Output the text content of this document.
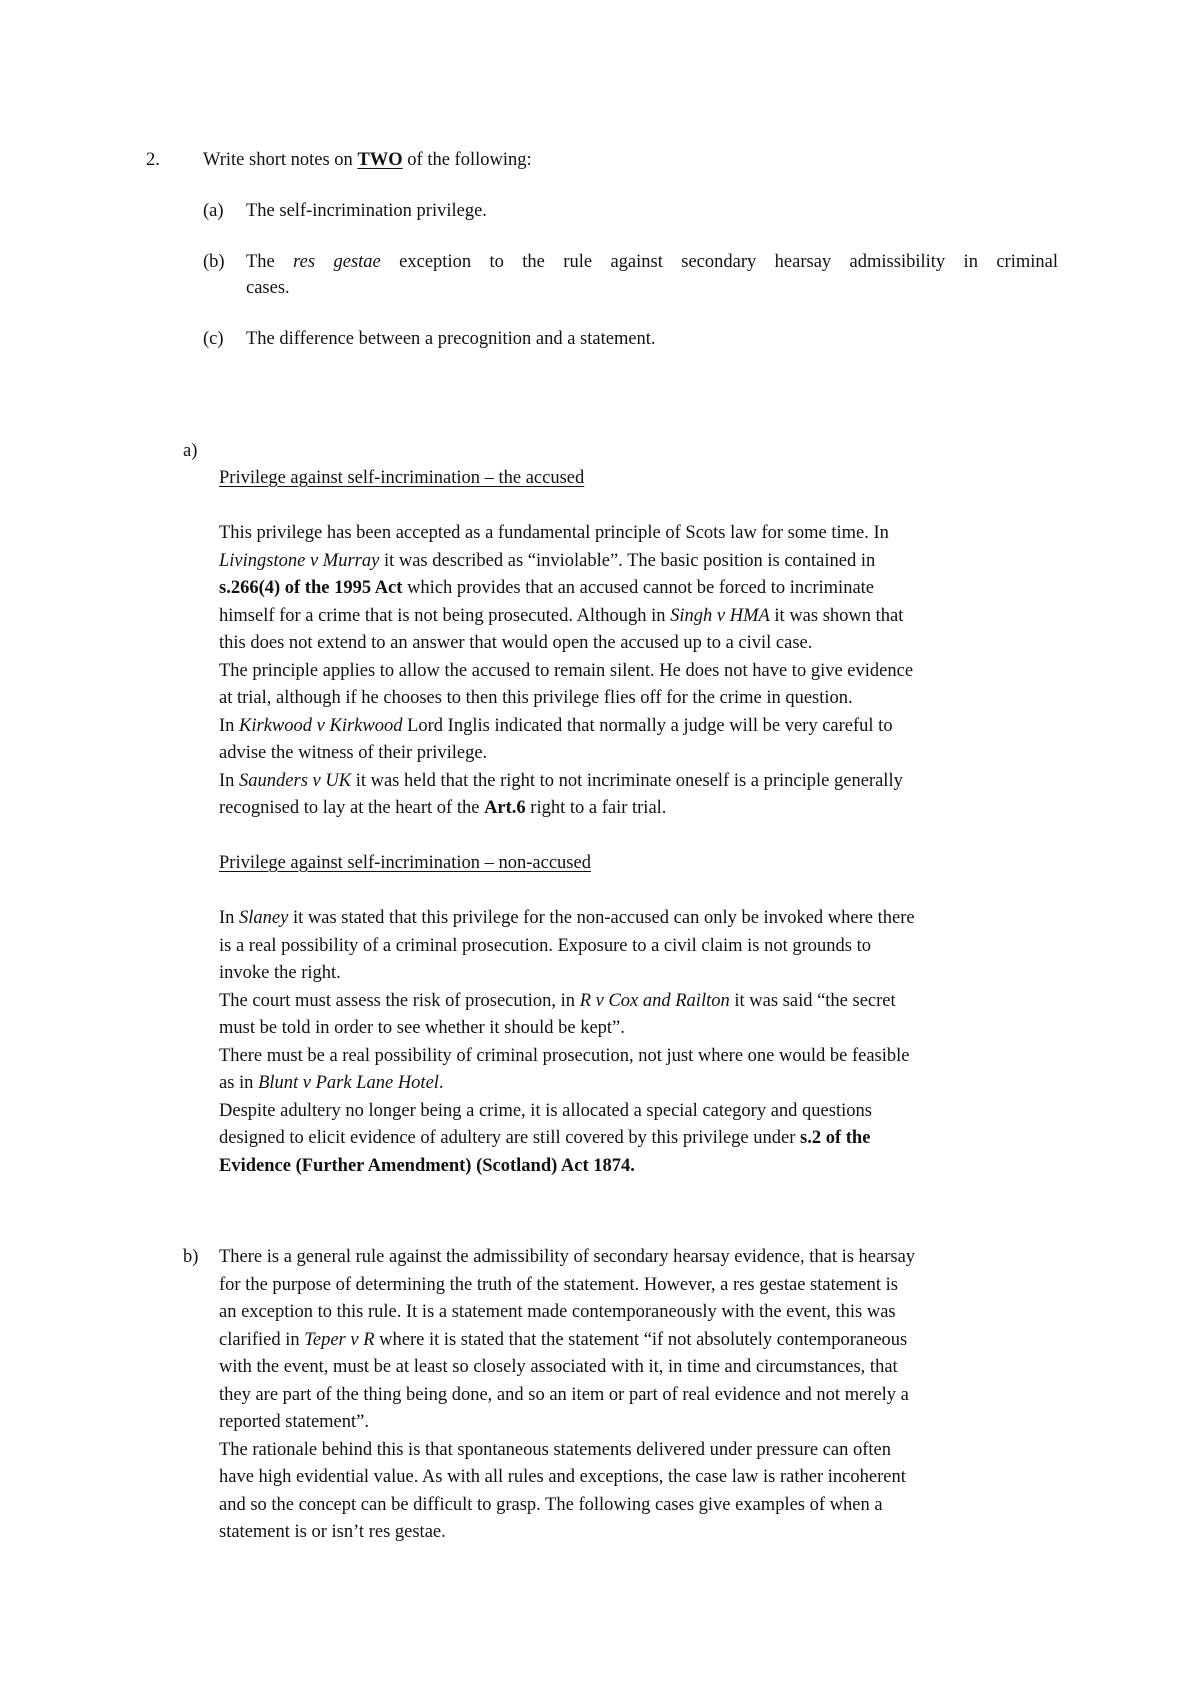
2. Write short notes on TWO of the following:
(a) The self-incrimination privilege.
(b) The res gestae exception to the rule against secondary hearsay admissibility in criminal
cases.
(c) The difference between a precognition and a statement.
a)
Privilege against self-incrimination – the accused
This privilege has been accepted as a fundamental principle of Scots law for some time. In
Livingstone v Murray it was described as “inviolable”. The basic position is contained in
s.266(4) of the 1995 Act which provides that an accused cannot be forced to incriminate
himself for a crime that is not being prosecuted. Although in Singh v HMA it was shown that
this does not extend to an answer that would open the accused up to a civil case.
The principle applies to allow the accused to remain silent. He does not have to give evidence
at trial, although if he chooses to then this privilege flies off for the crime in question.
In Kirkwood v Kirkwood Lord Inglis indicated that normally a judge will be very careful to
advise the witness of their privilege.
In Saunders v UK it was held that the right to not incriminate oneself is a principle generally
recognised to lay at the heart of the Art.6 right to a fair trial.
Privilege against self-incrimination – non-accused
In Slaney it was stated that this privilege for the non-accused can only be invoked where there
is a real possibility of a criminal prosecution. Exposure to a civil claim is not grounds to
invoke the right.
The court must assess the risk of prosecution, in R v Cox and Railton it was said “the secret
must be told in order to see whether it should be kept”.
There must be a real possibility of criminal prosecution, not just where one would be feasible
as in Blunt v Park Lane Hotel.
Despite adultery no longer being a crime, it is allocated a special category and questions
designed to elicit evidence of adultery are still covered by this privilege under s.2 of the
Evidence (Further Amendment) (Scotland) Act 1874.
b) There is a general rule against the admissibility of secondary hearsay evidence, that is hearsay
for the purpose of determining the truth of the statement. However, a res gestae statement is
an exception to this rule. It is a statement made contemporaneously with the event, this was
clarified in Teper v R where it is stated that the statement “if not absolutely contemporaneous
with the event, must be at least so closely associated with it, in time and circumstances, that
they are part of the thing being done, and so an item or part of real evidence and not merely a
reported statement”.
The rationale behind this is that spontaneous statements delivered under pressure can often
have high evidential value. As with all rules and exceptions, the case law is rather incoherent
and so the concept can be difficult to grasp. The following cases give examples of when a
statement is or isn’t res gestae.
